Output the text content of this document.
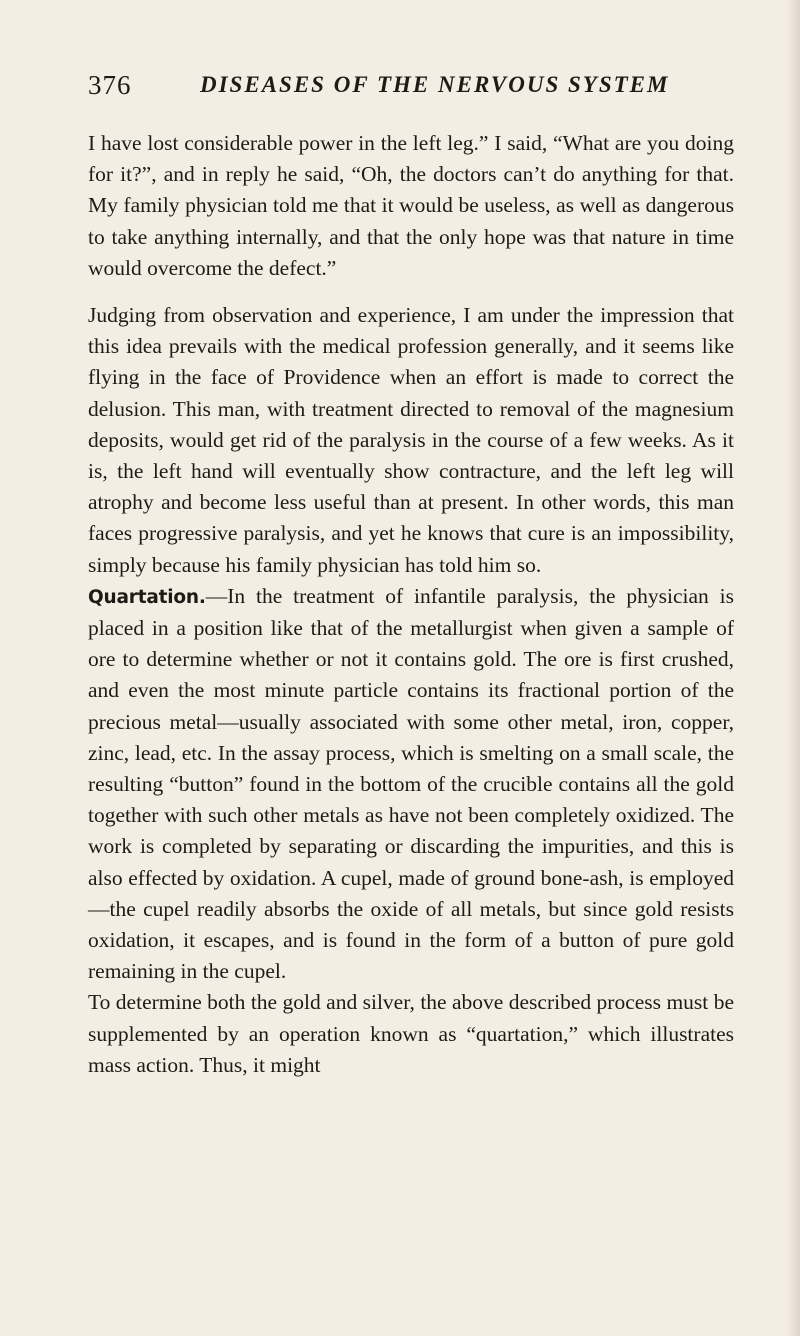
376	DISEASES OF THE NERVOUS SYSTEM

I have lost considerable power in the left leg.” I said, “What are you doing for it?”, and in reply he said, “Oh, the doctors can’t do anything for that. My family physician told me that it would be useless, as well as dangerous to take anything internally, and that the only hope was that nature in time would overcome the defect.”

Judging from observation and experience, I am under the impression that this idea prevails with the medical profession generally, and it seems like flying in the face of Providence when an effort is made to correct the delusion. This man, with treatment directed to removal of the magnesium deposits, would get rid of the paralysis in the course of a few weeks. As it is, the left hand will eventually show contracture, and the left leg will atrophy and become less useful than at present. In other words, this man faces progressive paralysis, and yet he knows that cure is an impossibility, simply because his family physician has told him so.

Quartation.—In the treatment of infantile paralysis, the physician is placed in a position like that of the metallurgist when given a sample of ore to determine whether or not it contains gold. The ore is first crushed, and even the most minute particle contains its fractional portion of the precious metal—usually associated with some other metal, iron, copper, zinc, lead, etc. In the assay process, which is smelting on a small scale, the resulting “button” found in the bottom of the crucible contains all the gold together with such other metals as have not been completely oxidized. The work is completed by separating or discarding the impurities, and this is also effected by oxidation. A cupel, made of ground bone-ash, is employed—the cupel readily absorbs the oxide of all metals, but since gold resists oxidation, it escapes, and is found in the form of a button of pure gold remaining in the cupel.

To determine both the gold and silver, the above described process must be supplemented by an operation known as “quartation,” which illustrates mass action. Thus, it might
